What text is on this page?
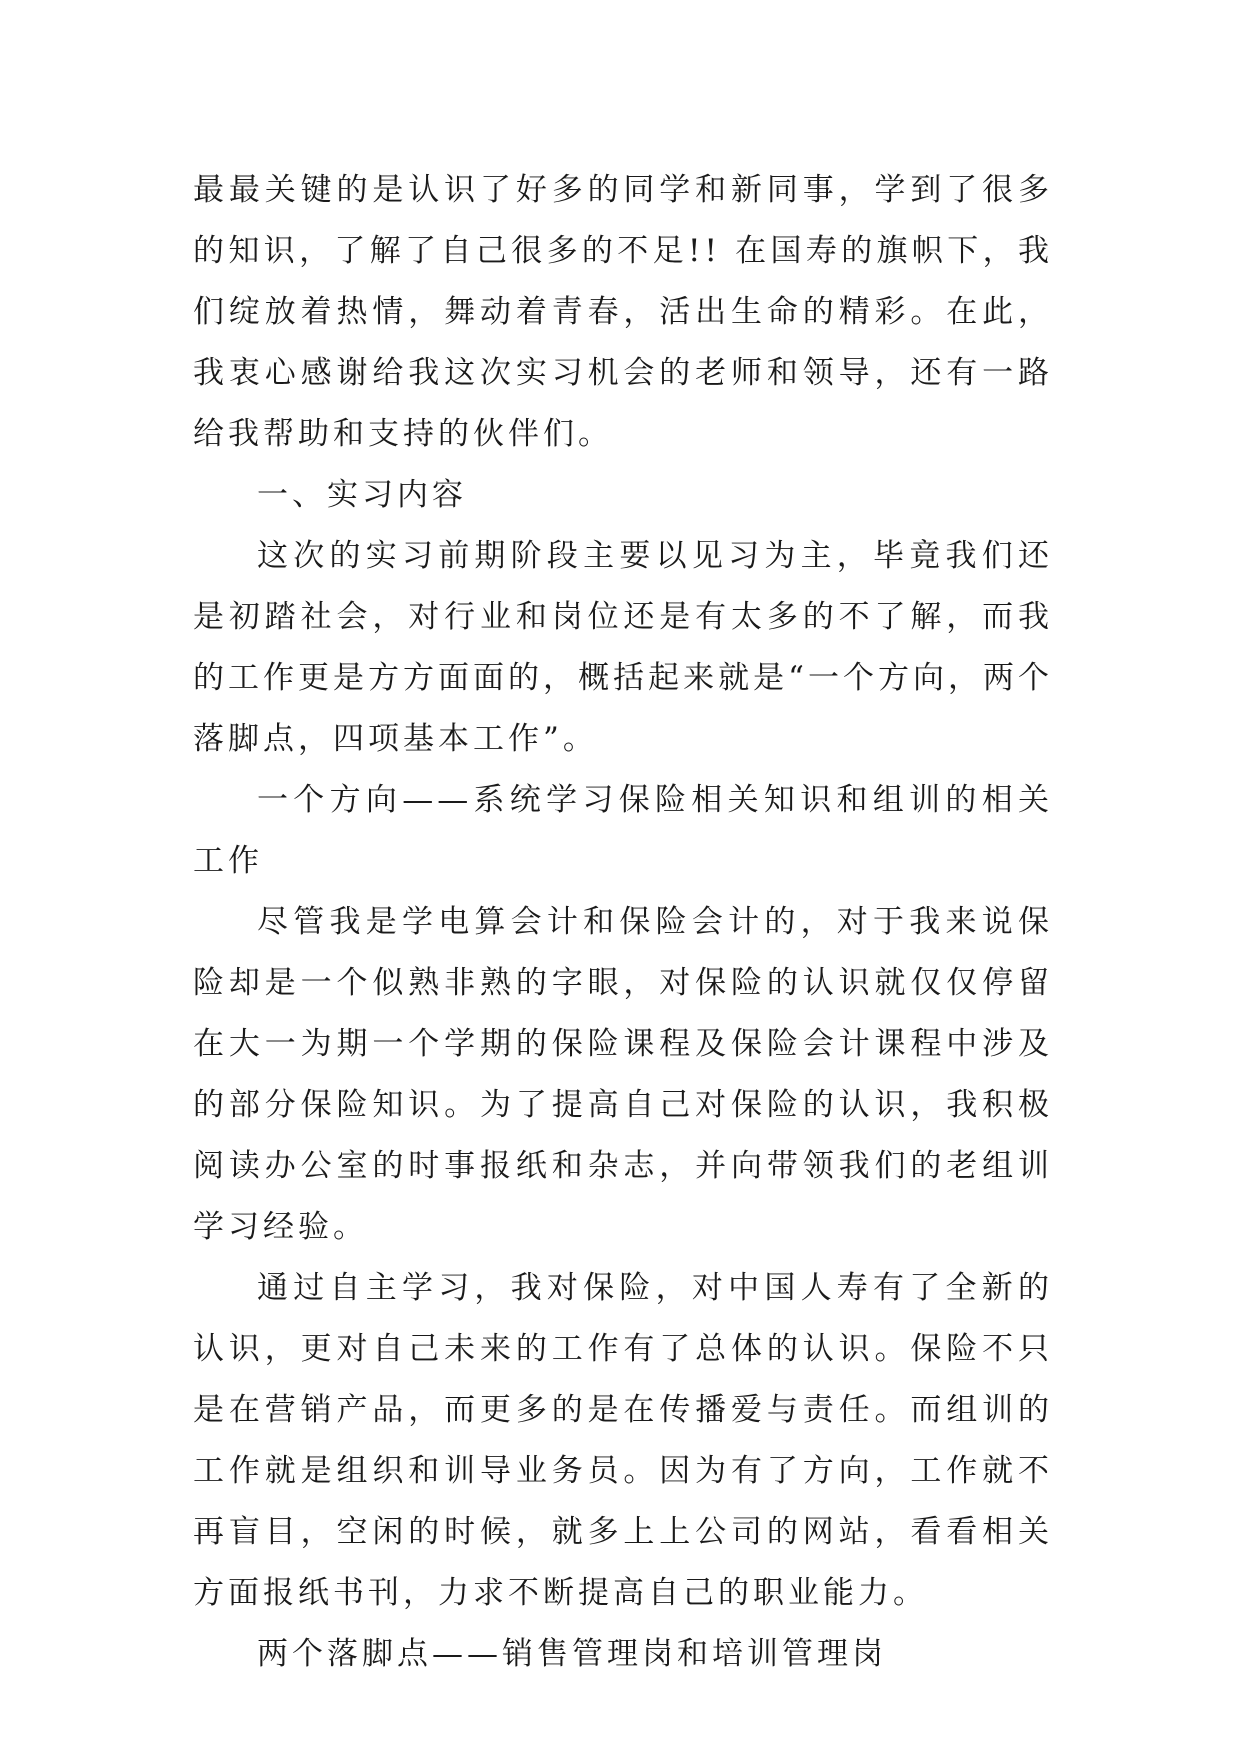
最最关键的是认识了好多的同学和新同事，学到了很多的知识，了解了自己很多的不足!! 在国寿的旗帜下，我们绽放着热情，舞动着青春，活出生命的精彩。在此，我衷心感谢给我这次实习机会的老师和领导，还有一路给我帮助和支持的伙伴们。

一、实习内容

这次的实习前期阶段主要以见习为主，毕竟我们还是初踏社会，对行业和岗位还是有太多的不了解，而我的工作更是方方面面的，概括起来就是“一个方向，两个落脚点，四项基本工作”。

一个方向——系统学习保险相关知识和组训的相关工作

尽管我是学电算会计和保险会计的，对于我来说保险却是一个似熟非熟的字眼，对保险的认识就仅仅停留在大一为期一个学期的保险课程及保险会计课程中涉及的部分保险知识。为了提高自己对保险的认识，我积极阅读办公室的时事报纸和杂志，并向带领我们的老组训学习经验。

通过自主学习，我对保险，对中国人寿有了全新的认识，更对自己未来的工作有了总体的认识。保险不只是在营销产品，而更多的是在传播爱与责任。而组训的工作就是组织和训导业务员。因为有了方向，工作就不再盲目，空闲的时候，就多上上公司的网站，看看相关方面报纸书刊，力求不断提高自己的职业能力。

两个落脚点——销售管理岗和培训管理岗
